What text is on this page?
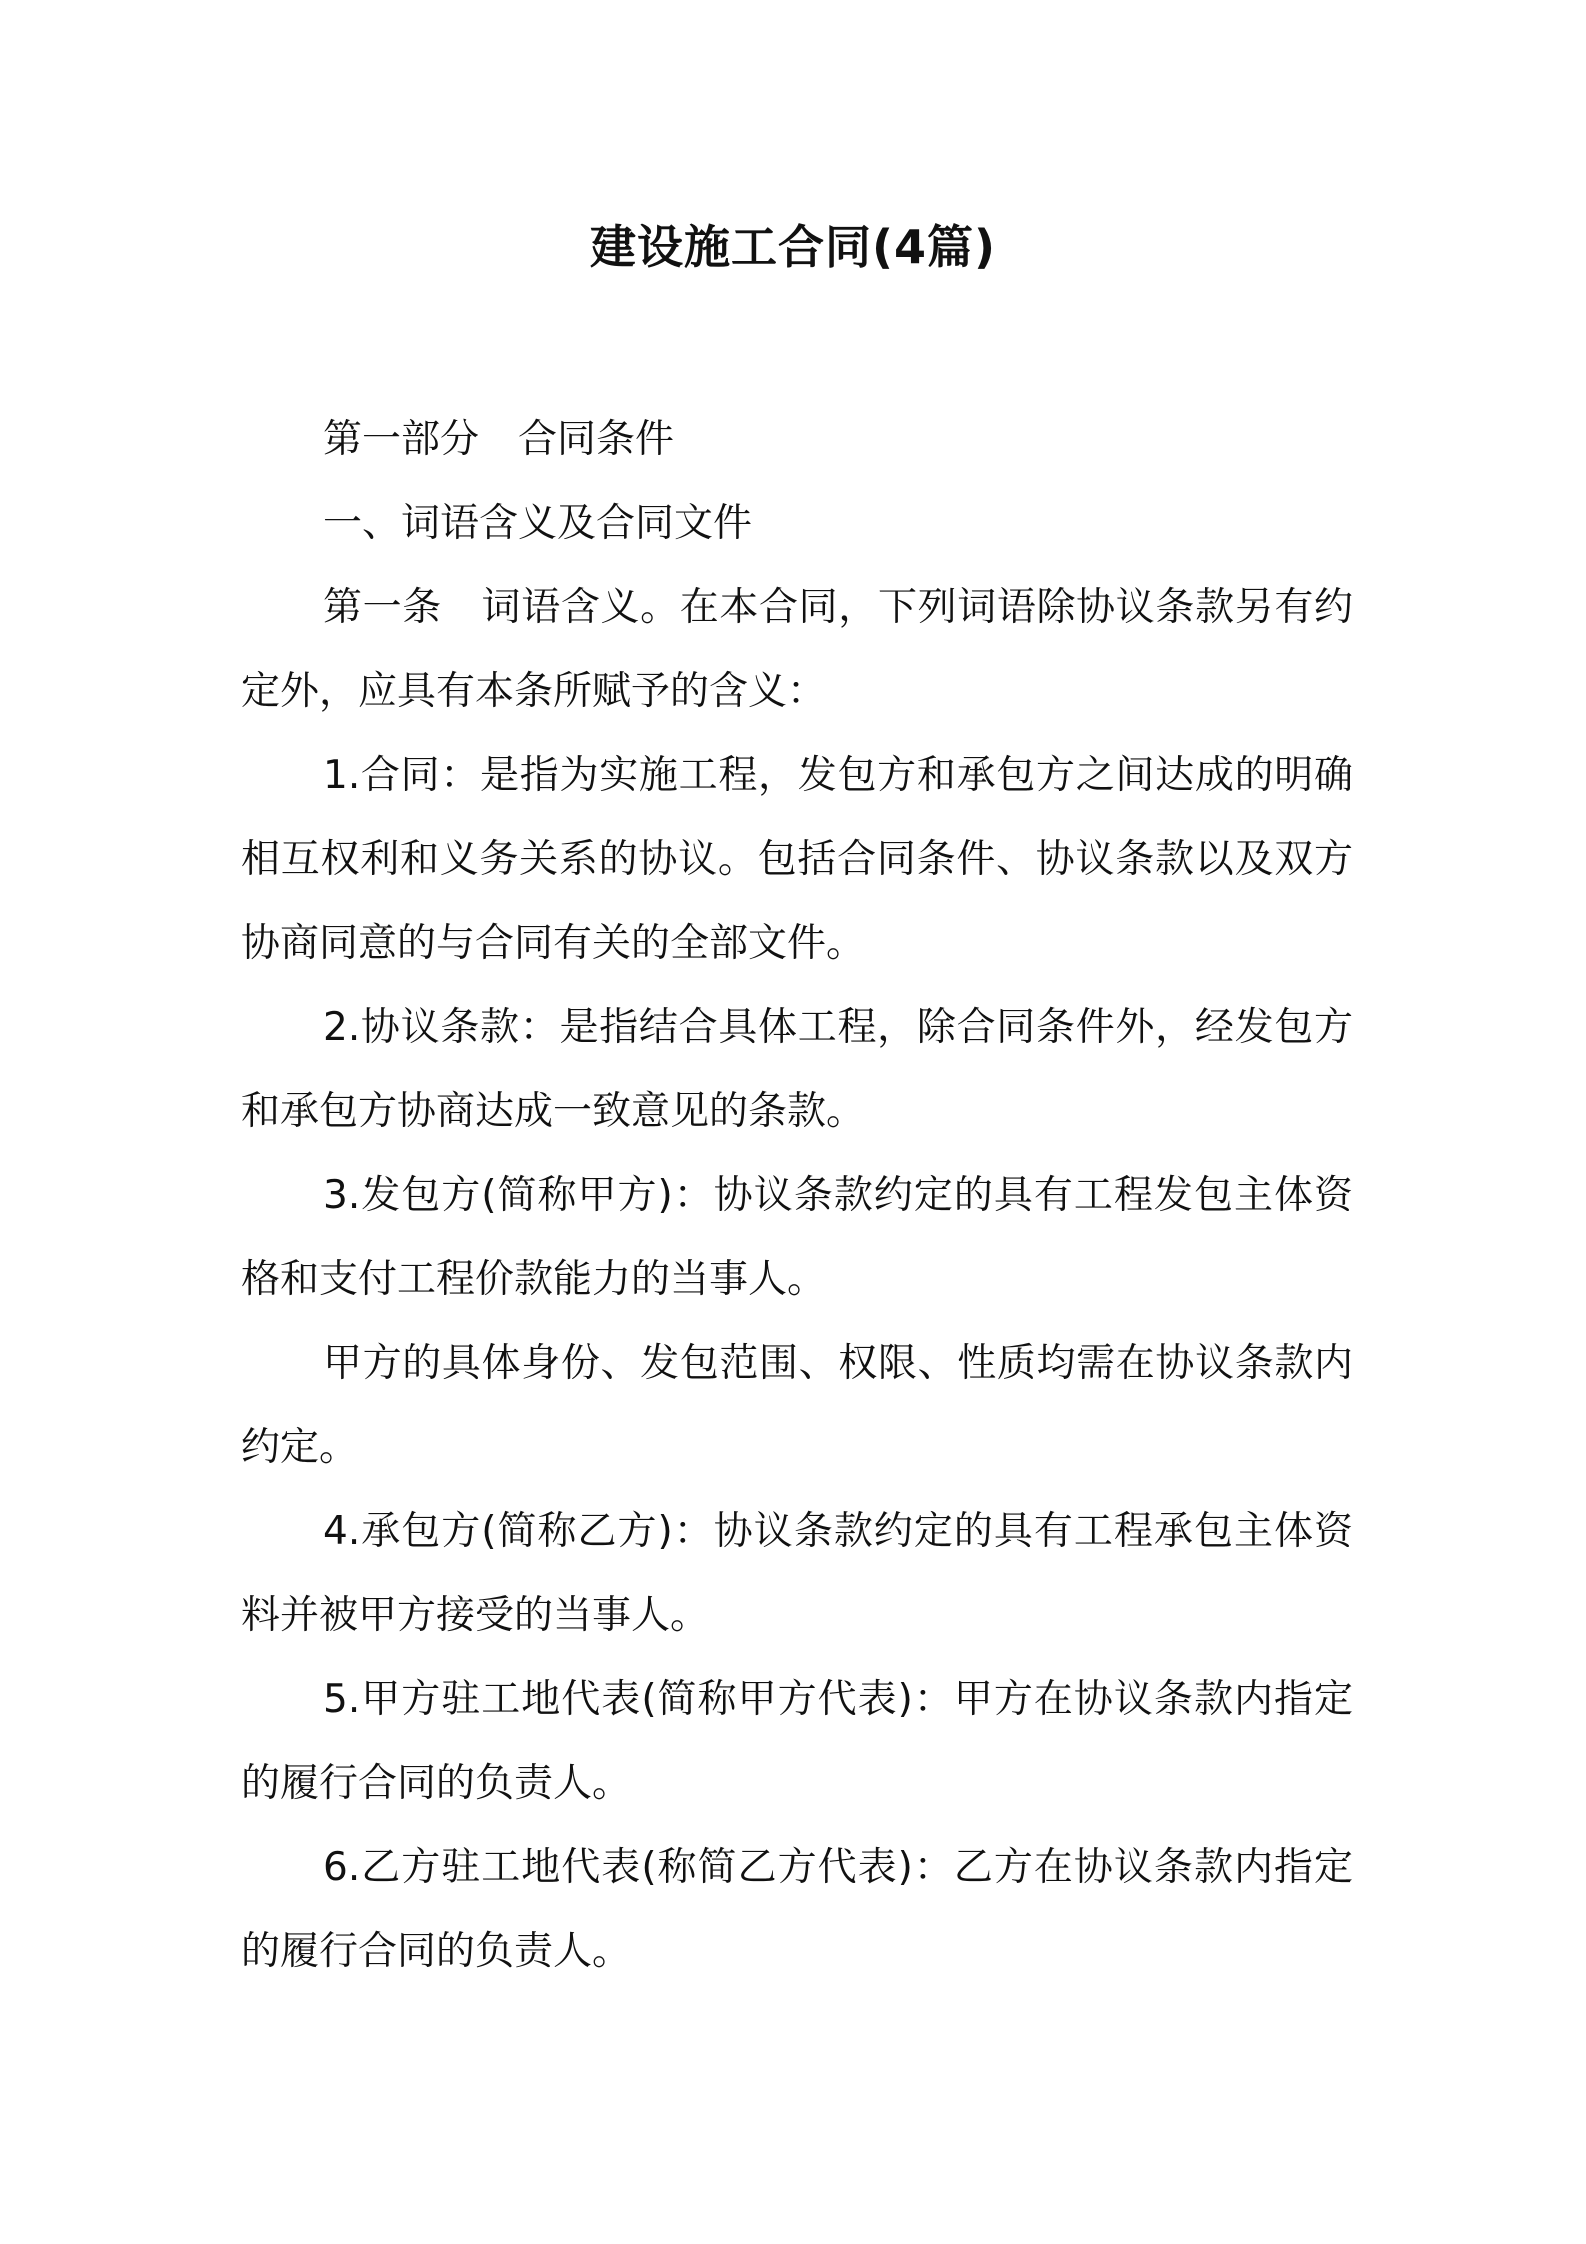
建设施工合同(4篇)

第一部分　合同条件

一、词语含义及合同文件

第一条　词语含义。在本合同，下列词语除协议条款另有约定外，应具有本条所赋予的含义：

1.合同：是指为实施工程，发包方和承包方之间达成的明确相互权利和义务关系的协议。包括合同条件、协议条款以及双方协商同意的与合同有关的全部文件。

2.协议条款：是指结合具体工程，除合同条件外，经发包方和承包方协商达成一致意见的条款。

3.发包方(简称甲方)：协议条款约定的具有工程发包主体资格和支付工程价款能力的当事人。

甲方的具体身份、发包范围、权限、性质均需在协议条款内约定。

4.承包方(简称乙方)：协议条款约定的具有工程承包主体资料并被甲方接受的当事人。

5.甲方驻工地代表(简称甲方代表)：甲方在协议条款内指定的履行合同的负责人。

6.乙方驻工地代表(称简乙方代表)：乙方在协议条款内指定的履行合同的负责人。
